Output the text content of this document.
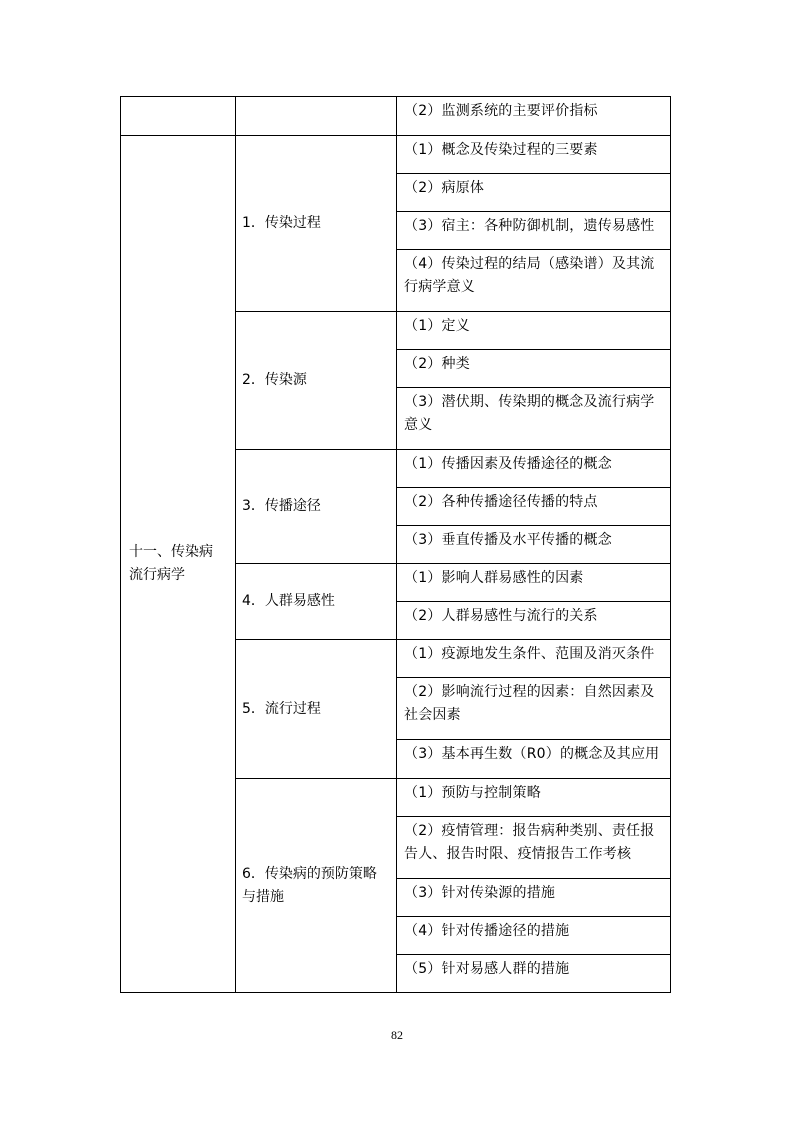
		（2）监测系统的主要评价指标

十一、传染病
流行病学	1．传染过程	（1）概念及传染过程的三要素
		（2）病原体
		（3）宿主：各种防御机制，遗传易感性
		（4）传染过程的结局（感染谱）及其流行病学意义
	2．传染源	（1）定义
		（2）种类
		（3）潜伏期、传染期的概念及流行病学意义
	3．传播途径	（1）传播因素及传播途径的概念
		（2）各种传播途径传播的特点
		（3）垂直传播及水平传播的概念
	4．人群易感性	（1）影响人群易感性的因素
		（2）人群易感性与流行的关系
	5．流行过程	（1）疫源地发生条件、范围及消灭条件
		（2）影响流行过程的因素：自然因素及社会因素
		（3）基本再生数（R0）的概念及其应用
	6．传染病的预防策略与措施	（1）预防与控制策略
		（2）疫情管理：报告病种类别、责任报告人、报告时限、疫情报告工作考核
		（3）针对传染源的措施
		（4）针对传播途径的措施
		（5）针对易感人群的措施
82
